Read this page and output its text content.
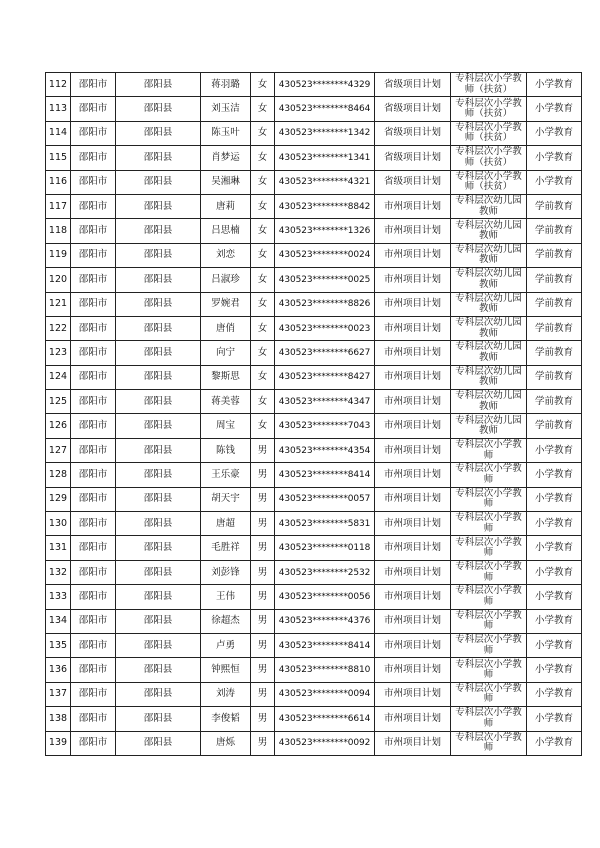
112	邵阳市	邵阳县	蒋羽璐	女	430523********4329	省级项目计划	专科层次小学教师（扶贫）	小学教育
113	邵阳市	邵阳县	刘玉洁	女	430523********8464	省级项目计划	专科层次小学教师（扶贫）	小学教育
114	邵阳市	邵阳县	陈玉叶	女	430523********1342	省级项目计划	专科层次小学教师（扶贫）	小学教育
115	邵阳市	邵阳县	肖梦运	女	430523********1341	省级项目计划	专科层次小学教师（扶贫）	小学教育
116	邵阳市	邵阳县	吴湘琳	女	430523********4321	省级项目计划	专科层次小学教师（扶贫）	小学教育
117	邵阳市	邵阳县	唐莉	女	430523********8842	市州项目计划	专科层次幼儿园教师	学前教育
118	邵阳市	邵阳县	吕思楠	女	430523********1326	市州项目计划	专科层次幼儿园教师	学前教育
119	邵阳市	邵阳县	刘恋	女	430523********0024	市州项目计划	专科层次幼儿园教师	学前教育
120	邵阳市	邵阳县	吕淑珍	女	430523********0025	市州项目计划	专科层次幼儿园教师	学前教育
121	邵阳市	邵阳县	罗婉君	女	430523********8826	市州项目计划	专科层次幼儿园教师	学前教育
122	邵阳市	邵阳县	唐俏	女	430523********0023	市州项目计划	专科层次幼儿园教师	学前教育
123	邵阳市	邵阳县	向宁	女	430523********6627	市州项目计划	专科层次幼儿园教师	学前教育
124	邵阳市	邵阳县	黎斯思	女	430523********8427	市州项目计划	专科层次幼儿园教师	学前教育
125	邵阳市	邵阳县	蒋美蓉	女	430523********4347	市州项目计划	专科层次幼儿园教师	学前教育
126	邵阳市	邵阳县	周宝	女	430523********7043	市州项目计划	专科层次幼儿园教师	学前教育
127	邵阳市	邵阳县	陈钱	男	430523********4354	市州项目计划	专科层次小学教师	小学教育
128	邵阳市	邵阳县	王乐豪	男	430523********8414	市州项目计划	专科层次小学教师	小学教育
129	邵阳市	邵阳县	胡天宇	男	430523********0057	市州项目计划	专科层次小学教师	小学教育
130	邵阳市	邵阳县	唐超	男	430523********5831	市州项目计划	专科层次小学教师	小学教育
131	邵阳市	邵阳县	毛胜祥	男	430523********0118	市州项目计划	专科层次小学教师	小学教育
132	邵阳市	邵阳县	刘彭锋	男	430523********2532	市州项目计划	专科层次小学教师	小学教育
133	邵阳市	邵阳县	王伟	男	430523********0056	市州项目计划	专科层次小学教师	小学教育
134	邵阳市	邵阳县	徐超杰	男	430523********4376	市州项目计划	专科层次小学教师	小学教育
135	邵阳市	邵阳县	卢勇	男	430523********8414	市州项目计划	专科层次小学教师	小学教育
136	邵阳市	邵阳县	钟熙恒	男	430523********8810	市州项目计划	专科层次小学教师	小学教育
137	邵阳市	邵阳县	刘涛	男	430523********0094	市州项目计划	专科层次小学教师	小学教育
138	邵阳市	邵阳县	李俊韬	男	430523********6614	市州项目计划	专科层次小学教师	小学教育
139	邵阳市	邵阳县	唐烁	男	430523********0092	市州项目计划	专科层次小学教师	小学教育
